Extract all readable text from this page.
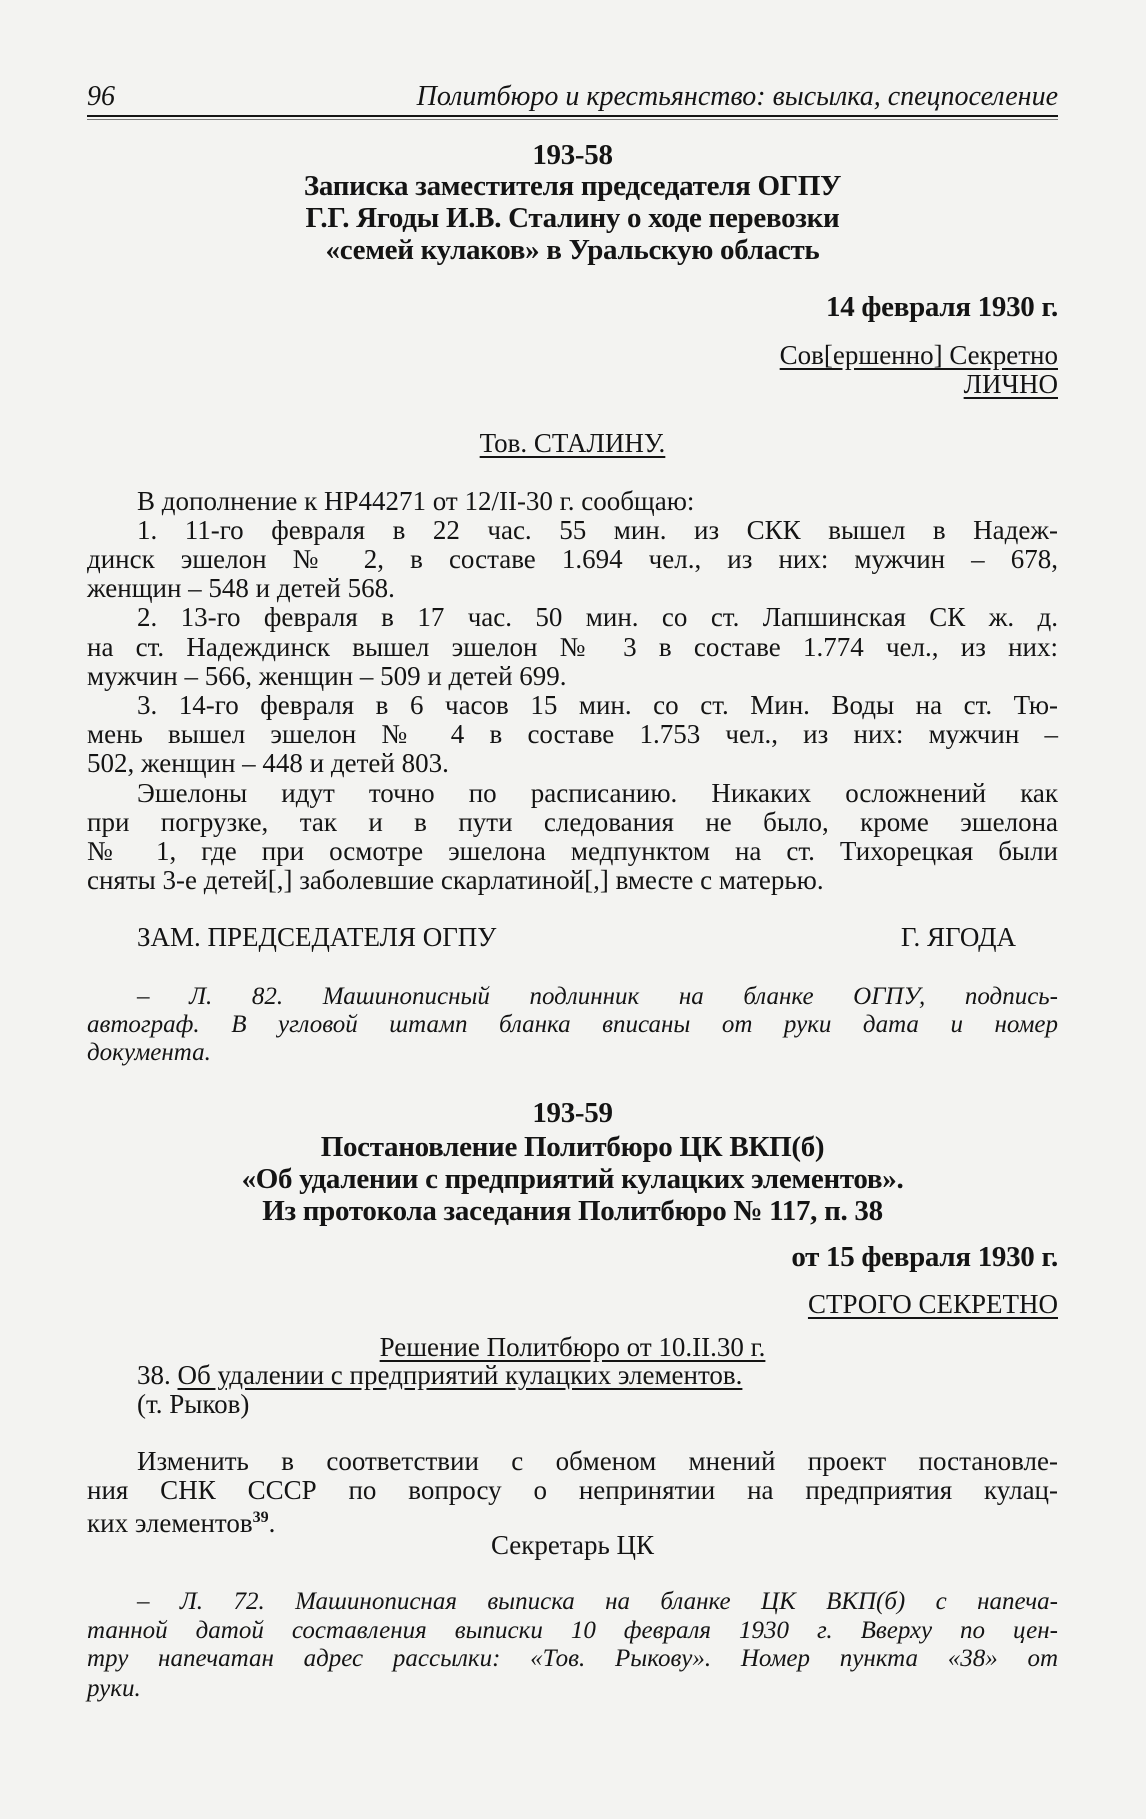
96	Политбюро и крестьянство: высылка, спецпоселение
193-58
Записка заместителя председателя ОГПУ
Г.Г. Ягоды И.В. Сталину о ходе перевозки
«семей кулаков» в Уральскую область
14 февраля 1930 г.
Сов[ершенно] Секретно
ЛИЧНО
Тов. СТАЛИНУ.
В дополнение к НР44271 от 12/II-30 г. сообщаю:
1. 11-го февраля в 22 час. 55 мин. из СКК вышел в Надеж-
динск эшелон № 2, в составе 1.694 чел., из них: мужчин – 678,
женщин – 548 и детей 568.
2. 13-го февраля в 17 час. 50 мин. со ст. Лапшинская СК ж. д.
на ст. Надеждинск вышел эшелон № 3 в составе 1.774 чел., из них:
мужчин – 566, женщин – 509 и детей 699.
3. 14-го февраля в 6 часов 15 мин. со ст. Мин. Воды на ст. Тю-
мень вышел эшелон № 4 в составе 1.753 чел., из них: мужчин –
502, женщин – 448 и детей 803.
Эшелоны идут точно по расписанию. Никаких осложнений как
при погрузке, так и в пути следования не было, кроме эшелона
№ 1, где при осмотре эшелона медпунктом на ст. Тихорецкая были
сняты 3-е детей[,] заболевшие скарлатиной[,] вместе с матерью.
ЗАМ. ПРЕДСЕДАТЕЛЯ ОГПУ	Г. ЯГОДА
– Л. 82. Машинописный подлинник на бланке ОГПУ, подпись-
автограф. В угловой штамп бланка вписаны от руки дата и номер
документа.
193-59
Постановление Политбюро ЦК ВКП(б)
«Об удалении с предприятий кулацких элементов».
Из протокола заседания Политбюро № 117, п. 38
от 15 февраля 1930 г.
СТРОГО СЕКРЕТНО
Решение Политбюро от 10.II.30 г.
38. Об удалении с предприятий кулацких элементов.
(т. Рыков)
Изменить в соответствии с обменом мнений проект постановле-
ния СНК СССР по вопросу о непринятии на предприятия кулац-
ких элементов$^{39}$.
Секретарь ЦК
– Л. 72. Машинописная выписка на бланке ЦК ВКП(б) с напеча-
танной датой составления выписки 10 февраля 1930 г. Вверху по цен-
тру напечатан адрес рассылки: «Тов. Рыкову». Номер пункта «38» от
руки.
